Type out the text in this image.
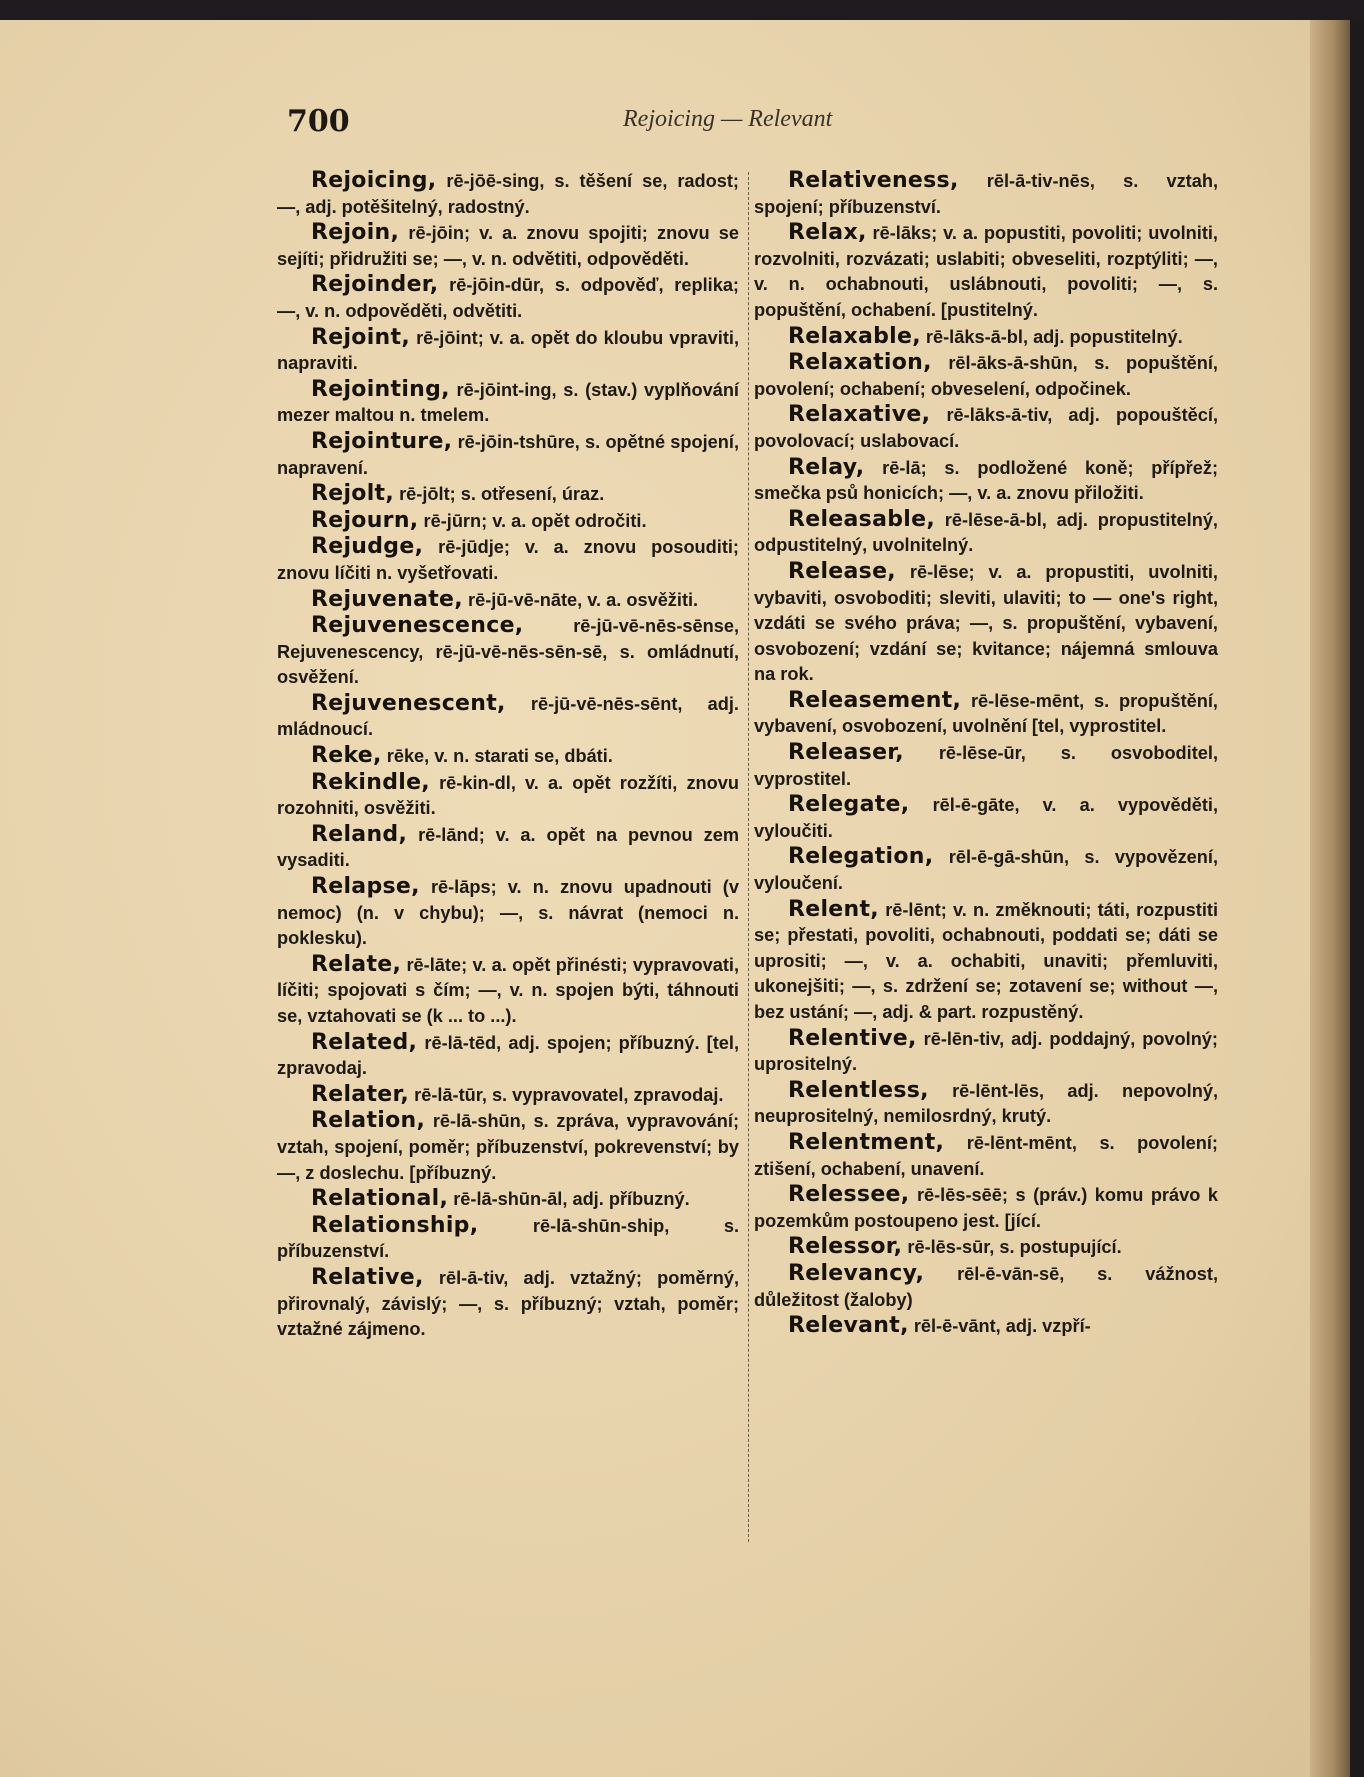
700	Rejoicing — Relevant

Rejoicing, rē-jōē-sing, s. těšení se, radost; —, adj. potěšitelný, radostný.

Rejoin, rē-jōin; v. a. znovu spojiti; znovu se sejíti; přidružiti se; —, v. n. odvětiti, odpověděti.

Rejoinder, rē-jōin-dūr, s. odpověď, replika; —, v. n. odpověděti, odvětiti.

Rejoint, rē-jōint; v. a. opět do kloubu vpraviti, napraviti.

Rejointing, rē-jōint-ing, s. (stav.) vyplňování mezer maltou n. tmelem.

Rejointure, rē-jōin-tshūre, s. opětné spojení, napravení.

Rejolt, rē-jōlt; s. otřesení, úraz.

Rejourn, rē-jūrn; v. a. opět odročiti.

Rejudge, rē-jūdje; v. a. znovu posouditi; znovu líčiti n. vyšetřovati.

Rejuvenate, rē-jū-vē-nāte, v. a. osvěžiti.

Rejuvenescence,	rē-jū-vē-nēs-sēnse, Rejuvenescency, rē-jū-vē-nēs-sēn-sē, s. omládnutí, osvěžení.

Rejuvenescent, rē-jū-vē-nēs-sēnt, adj. mládnoucí.

Reke, rēke, v. n. starati se, dbáti.

Rekindle, rē-kin-dl, v. a. opět rozžíti, znovu rozohniti, osvěžiti.

Reland, rē-lānd; v. a. opět na pevnou zem vysaditi.

Relapse, rē-lāps; v. n. znovu upadnouti (v nemoc) (n. v chybu); —, s. návrat (nemoci n. poklesku).

Relate, rē-lāte; v. a. opět přinésti; vypravovati, líčiti; spojovati s čím; —, v. n. spojen býti, táhnouti se, vztahovati se (k ... to ...).

Related, rē-lā-tēd, adj. spojen; příbuzný. [tel, zpravodaj.

Relater, rē-lā-tūr, s. vypravovatel, zpravodaj.

Relation, rē-lā-shūn, s. zpráva, vypravování; vztah, spojení, poměr; příbuzenství, pokrevenství; by —, z doslechu. [příbuzný.

Relational, rē-lā-shūn-āl, adj. příbuzný.

Relationship,	rē-lā-shūn-ship, s. příbuzenství.

Relative, rēl-ā-tiv, adj. vztažný; poměrný, přirovnalý, závislý; —, s. příbuzný; vztah, poměr; vztažné zájmeno.

Relativeness, rēl-ā-tiv-nēs, s. vztah, spojení; příbuzenství.

Relax, rē-lāks; v. a. popustiti, povoliti; uvolniti, rozvolniti, rozvázati; uslabiti; obveseliti, rozptýliti; —, v. n. ochabnouti, uslábnouti, povoliti; —, s. popuštění, ochabení. [pustitelný.

Relaxable, rē-lāks-ā-bl, adj. popustitelný.

Relaxation, rēl-āks-ā-shūn, s. popuštění, povolení; ochabení; obveselení, odpočinek.

Relaxative, rē-lāks-ā-tiv, adj. popouštěcí, povolovací; uslabovací.

Relay, rē-lā; s. podložené koně; přípřež; smečka psů honicích; —, v. a. znovu přiložiti.

Releasable, rē-lēse-ā-bl, adj. propustitelný, odpustitelný, uvolnitelný.

Release, rē-lēse; v. a. propustiti, uvolniti, vybaviti, osvoboditi; sleviti, ulaviti; to — one's right, vzdáti se svého práva; —, s. propuštění, vybavení, osvobození; vzdání se; kvitance; nájemná smlouva na rok.

Releasement, rē-lēse-mēnt, s. propuštění, vybavení, osvobození, uvolnění [tel, vyprostitel.

Releaser, rē-lēse-ūr, s. osvoboditel, vyprostitel.

Relegate, rēl-ē-gāte, v. a. vypověděti, vyloučiti.

Relegation, rēl-ē-gā-shūn, s. vypovězení, vyloučení.

Relent, rē-lēnt; v. n. změknouti; táti, rozpustiti se; přestati, povoliti, ochabnouti, poddati se; dáti se uprositi; —, v. a. ochabiti, unaviti; přemluviti, ukonejšiti; —, s. zdržení se; zotavení se; without —, bez ustání; —, adj. & part. rozpustěný.

Relentive, rē-lēn-tiv, adj. poddajný, povolný; uprositelný.

Relentless, rē-lēnt-lēs, adj. nepovolný, neuprositelný, nemilosrdný, krutý.

Relentment, rē-lēnt-mēnt, s. povolení; ztišení, ochabení, unavení.

Relessee, rē-lēs-sēē; s (práv.) komu právo k pozemkům postoupeno jest. [jící.

Relessor, rē-lēs-sūr, s. postupující.

Relevancy, rēl-ē-vān-sē, s. vážnost, důležitost (žaloby)

Relevant, rēl-ē-vānt, adj. vzpří-
